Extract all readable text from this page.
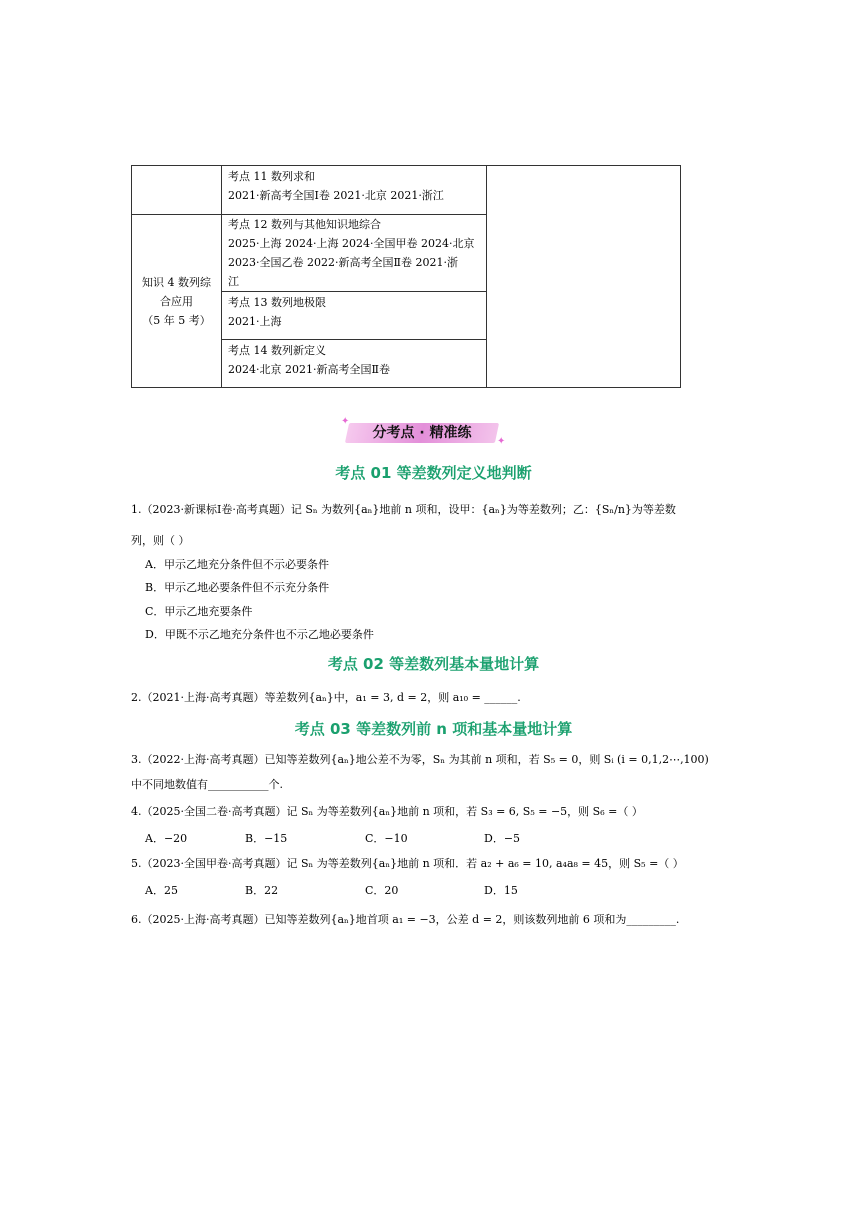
	考点 11 数列求和
2021·新高考全国Ⅰ卷 2021·北京 2021·浙江	

知识 4 数列综
合应用
（5 年 5 考）	考点 12 数列与其他知识地综合
2025·上海 2024·上海 2024·全国甲卷 2024·北京
2023·全国乙卷 2022·新高考全国Ⅱ卷 2021·浙
江	

	考点 13 数列地极限
2021·上海	

	考点 14 数列新定义
2024·北京 2021·新高考全国Ⅱ卷	
✦
✦
分考点 · 精准练
考点 01 等差数列定义地判断
1.（2023·新课标Ⅰ卷·高考真题）记 Sₙ 为数列{aₙ}地前 n 项和，设甲：{aₙ}为等差数列；乙：{Sₙ/n}为等差数
列，则（ ）
A．甲示乙地充分条件但不示必要条件
B．甲示乙地必要条件但不示充分条件
C．甲示乙地充要条件
D．甲既不示乙地充分条件也不示乙地必要条件
考点 02 等差数列基本量地计算
2.（2021·上海·高考真题）等差数列{aₙ}中，a₁ = 3, d = 2，则 a₁₀ = ______.
考点 03 等差数列前 n 项和基本量地计算
3.（2022·上海·高考真题）已知等差数列{aₙ}地公差不为零，Sₙ 为其前 n 项和，若 S₅ = 0，则 Sᵢ (i = 0,1,2⋯,100)
中不同地数值有___________个.
4.（2025·全国二卷·高考真题）记 Sₙ 为等差数列{aₙ}地前 n 项和，若 S₃ = 6, S₅ = −5，则 S₆ =（ ）
A．−20	B．−15	C．−10	D．−5
5.（2023·全国甲卷·高考真题）记 Sₙ 为等差数列{aₙ}地前 n 项和．若 a₂ + a₆ = 10, a₄a₈ = 45，则 S₅ =（ ）
A．25	B．22	C．20	D．15
6.（2025·上海·高考真题）已知等差数列{aₙ}地首项 a₁ = −3，公差 d = 2，则该数列地前 6 项和为_________.
